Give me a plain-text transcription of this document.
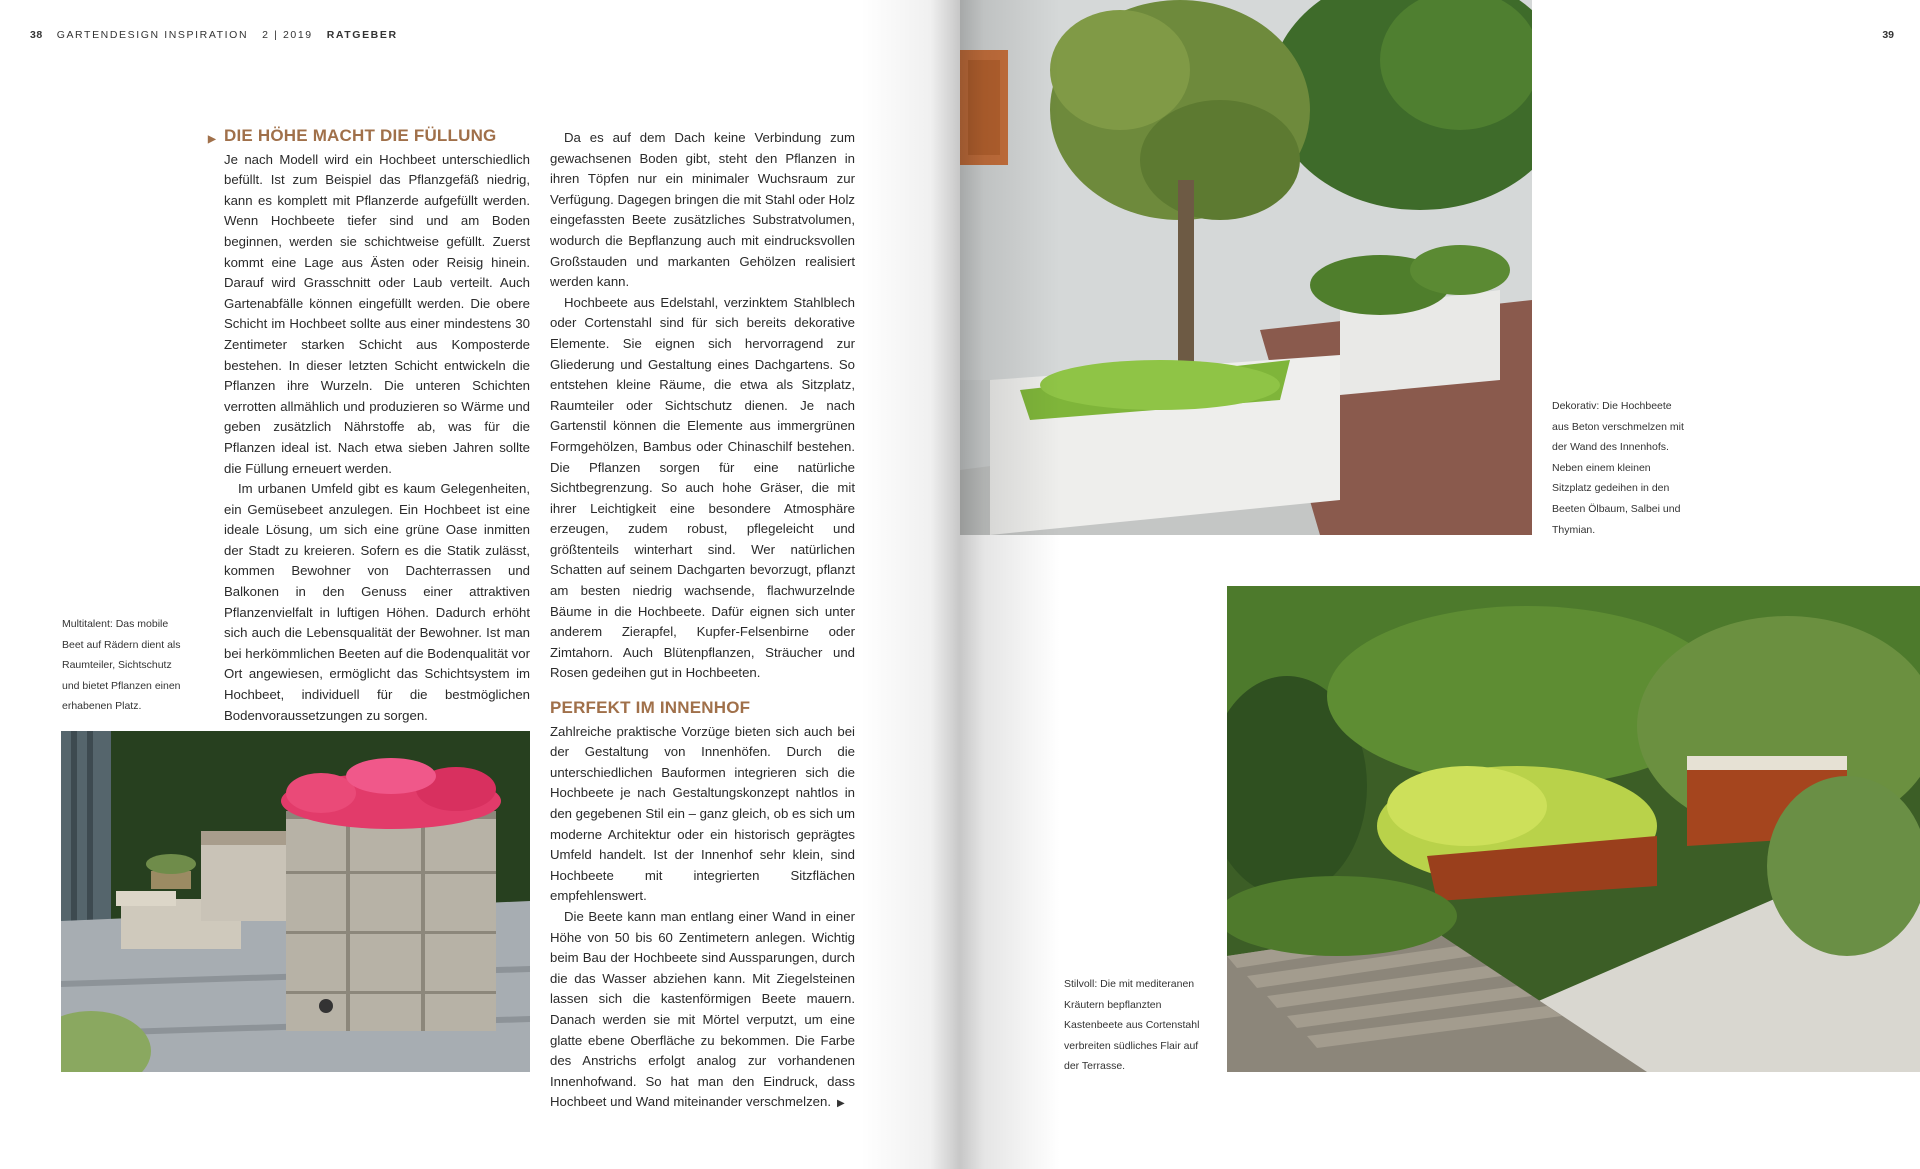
38 GARTENDESIGN INSPIRATION 2 | 2019 RATGEBER
▶ DIE HÖHE MACHT DIE FÜLLUNG

Je nach Modell wird ein Hochbeet unterschiedlich befüllt. Ist zum Beispiel das Pflanzgefäß niedrig, kann es komplett mit Pflanzerde aufgefüllt werden. Wenn Hochbeete tiefer sind und am Boden beginnen, werden sie schichtweise gefüllt. Zuerst kommt eine Lage aus Ästen oder Reisig hinein. Darauf wird Grasschnitt oder Laub verteilt. Auch Gartenabfälle können eingefüllt werden. Die obere Schicht im Hochbeet sollte aus einer mindestens 30 Zentimeter starken Schicht aus Komposterde bestehen. In dieser letzten Schicht entwickeln die Pflanzen ihre Wurzeln. Die unteren Schichten verrotten allmählich und produzieren so Wärme und geben zusätzlich Nährstoffe ab, was für die Pflanzen ideal ist. Nach etwa sieben Jahren sollte die Füllung erneuert werden.

Im urbanen Umfeld gibt es kaum Gelegenheiten, ein Gemüsebeet anzulegen. Ein Hochbeet ist eine ideale Lösung, um sich eine grüne Oase inmitten der Stadt zu kreieren. Sofern es die Statik zulässt, kommen Bewohner von Dachterrassen und Balkonen in den Genuss einer attraktiven Pflanzenvielfalt in luftigen Höhen. Dadurch erhöht sich auch die Lebensqualität der Bewohner. Ist man bei herkömmlichen Beeten auf die Bodenqualität vor Ort angewiesen, ermöglicht das Schichtsystem im Hochbeet, individuell für die bestmöglichen Bodenvoraussetzungen zu sorgen.

Da es auf dem Dach keine Verbindung zum gewachsenen Boden gibt, steht den Pflanzen in ihren Töpfen nur ein minimaler Wuchsraum zur Verfügung. Dagegen bringen die mit Stahl oder Holz eingefassten Beete zusätzliches Substratvolumen, wodurch die Bepflanzung auch mit eindrucksvollen Großstauden und markanten Gehölzen realisiert werden kann.

Hochbeete aus Edelstahl, verzinktem Stahlblech oder Cortenstahl sind für sich bereits dekorative Elemente. Sie eignen sich hervorragend zur Gliederung und Gestaltung eines Dachgartens. So entstehen kleine Räume, die etwa als Sitzplatz, Raumteiler oder Sichtschutz dienen. Je nach Gartenstil können die Elemente aus immergrünen Formgehölzen, Bambus oder Chinaschilf bestehen. Die Pflanzen sorgen für eine natürliche Sichtbegrenzung. So auch hohe Gräser, die mit ihrer Leichtigkeit eine besondere Atmosphäre erzeugen, zudem robust, pflegeleicht und größtenteils winterhart sind. Wer natürlichen Schatten auf seinem Dachgarten bevorzugt, pflanzt am besten niedrig wachsende, flachwurzelnde Bäume in die Hochbeete. Dafür eignen sich unter anderem Zierapfel, Kupfer-Felsenbirne oder Zimtahorn. Auch Blütenpflanzen, Sträucher und Rosen gedeihen gut in Hochbeeten.

PERFEKT IM INNENHOF

Zahlreiche praktische Vorzüge bieten sich auch bei der Gestaltung von Innenhöfen. Durch die unterschiedlichen Bauformen integrieren sich die Hochbeete je nach Gestaltungskonzept nahtlos in den gegebenen Stil ein – ganz gleich, ob es sich um moderne Architektur oder ein historisch geprägtes Umfeld handelt. Ist der Innenhof sehr klein, sind Hochbeete mit integrierten Sitzflächen empfehlenswert.

Die Beete kann man entlang einer Wand in einer Höhe von 50 bis 60 Zentimetern anlegen. Wichtig beim Bau der Hochbeete sind Aussparungen, durch die das Wasser abziehen kann. Mit Ziegelsteinen lassen sich die kastenförmigen Beete mauern. Danach werden sie mit Mörtel verputzt, um eine glatte ebene Oberfläche zu bekommen. Die Farbe des Anstrichs erfolgt analog zur vorhandenen Innenhofwand. So hat man den Eindruck, dass Hochbeet und Wand miteinander verschmelzen. ▶

Multitalent: Das mobile
Beet auf Rädern dient als
Raumteiler, Sichtschutz
und bietet Pflanzen einen
erhabenen Platz.
39
Dekorativ: Die Hochbeete
aus Beton verschmelzen mit
der Wand des Innenhofs.
Neben einem kleinen
Sitzplatz gedeihen in den
Beeten Ölbaum, Salbei und
Thymian.
Stilvoll: Die mit mediteranen
Kräutern bepflanzten
Kastenbeete aus Cortenstahl
verbreiten südliches Flair auf
der Terrasse.
